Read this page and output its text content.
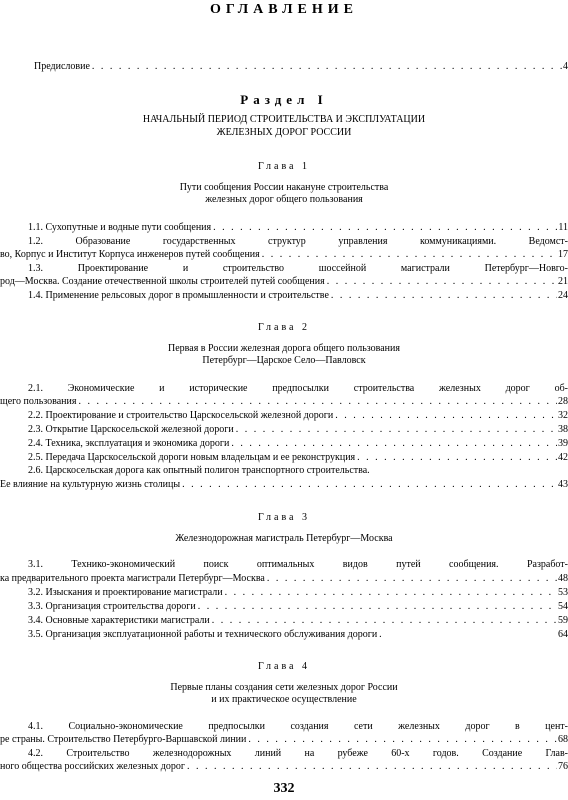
ОГЛАВЛЕНИЕ
Предисловие . . .	4
Раздел I
НАЧАЛЬНЫЙ ПЕРИОД СТРОИТЕЛЬСТВА И ЭКСПЛУАТАЦИИ
ЖЕЛЕЗНЫХ ДОРОГ РОССИИ
Глава 1
Пути сообщения России накануне строительства
железных дорог общего пользования
1.1. Сухопутные и водные пути сообщения . . .	11
1.2. Образование государственных структур управления коммуникациями. Ведомст-
во, Корпус и Институт Корпуса инженеров путей сообщения . . .	17
1.3. Проектирование и строительство шоссейной магистрали Петербург—Новго-
род—Москва. Создание отечественной школы строителей путей сообщения . . .	21
1.4. Применение рельсовых дорог в промышленности и строительстве . . .	24
Глава 2
Первая в России железная дорога общего пользования
Петербург—Царское Село—Павловск
2.1. Экономические и исторические предпосылки строительства железных дорог об-
щего пользования . . .	28
2.2. Проектирование и строительство Царскосельской железной дороги . . .	32
2.3. Открытие Царскосельской железной дороги . . .	38
2.4. Техника, эксплуатация и экономика дороги . . .	39
2.5. Передача Царскосельской дороги новым владельцам и ее реконструкция . . .	42
2.6. Царскосельская дорога как опытный полигон транспортного строительства.
Ее влияние на культурную жизнь столицы . . .	43
Глава 3
Железнодорожная магистраль Петербург—Москва
3.1. Технико-экономический поиск оптимальных видов путей сообщения. Разработ-
ка предварительного проекта магистрали Петербург—Москва . . .	48
3.2. Изыскания и проектирование магистрали . . .	53
3.3. Организация строительства дороги . . .	54
3.4. Основные характеристики магистрали . . .	59
3.5. Организация эксплуатационной работы и технического обслуживания дороги . . .	64
Глава 4
Первые планы создания сети железных дорог России
и их практическое осуществление
4.1. Социально-экономические предпосылки создания сети железных дорог в цент-
ре страны. Строительство Петербурго-Варшавской линии . . .	68
4.2. Строительство железнодорожных линий на рубеже 60-х годов. Создание Глав-
ного общества российских железных дорог . . .	76
332
